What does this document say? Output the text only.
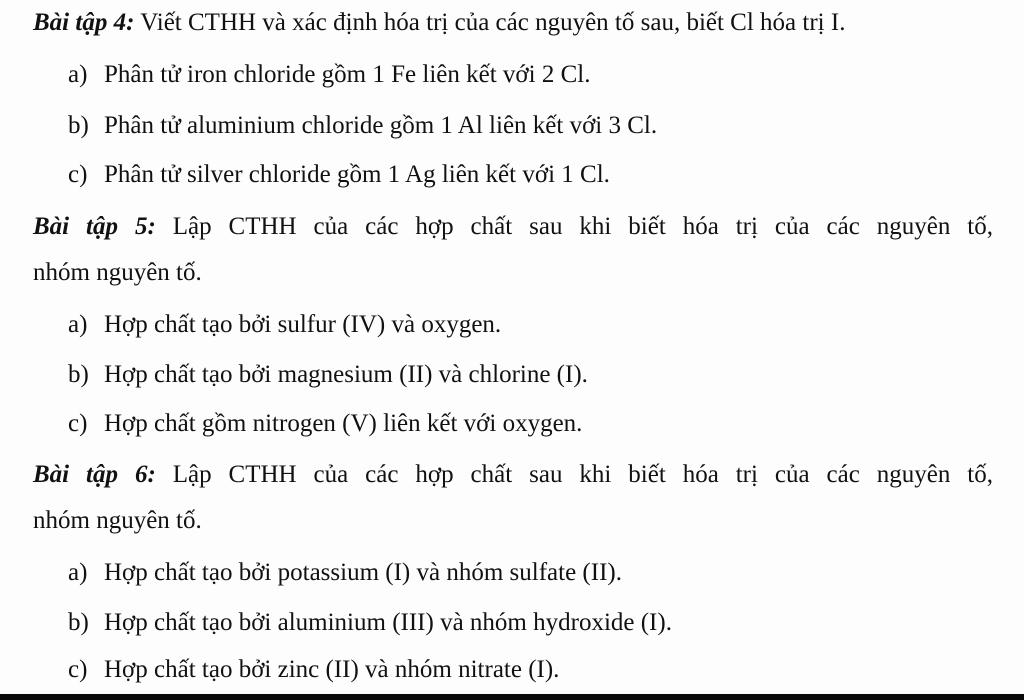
Bài tập 4: Viết CTHH và xác định hóa trị của các nguyên tố sau, biết Cl hóa trị I.
a) Phân tử iron chloride gồm 1 Fe liên kết với 2 Cl.
b) Phân tử aluminium chloride gồm 1 Al liên kết với 3 Cl.
c) Phân tử silver chloride gồm 1 Ag liên kết với 1 Cl.
Bài tập 5: Lập CTHH của các hợp chất sau khi biết hóa trị của các nguyên tố,
nhóm nguyên tố.
a) Hợp chất tạo bởi sulfur (IV) và oxygen.
b) Hợp chất tạo bởi magnesium (II) và chlorine (I).
c) Hợp chất gồm nitrogen (V) liên kết với oxygen.
Bài tập 6: Lập CTHH của các hợp chất sau khi biết hóa trị của các nguyên tố,
nhóm nguyên tố.
a) Hợp chất tạo bởi potassium (I) và nhóm sulfate (II).
b) Hợp chất tạo bởi aluminium (III) và nhóm hydroxide (I).
c) Hợp chất tạo bởi zinc (II) và nhóm nitrate (I).
